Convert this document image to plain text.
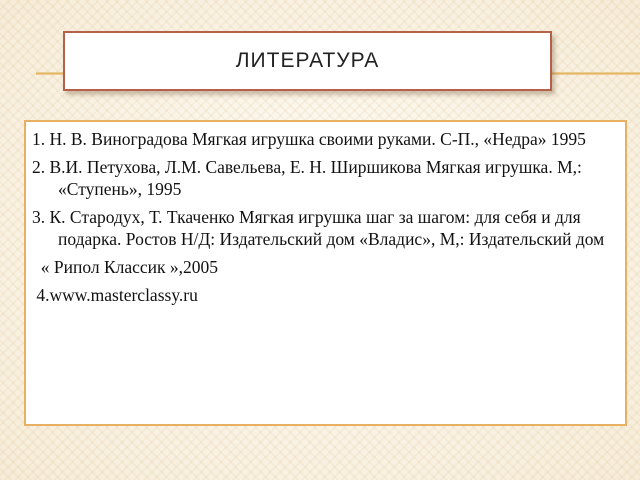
ЛИТЕРАТУРА
1. Н. В. Виноградова Мягкая игрушка своими руками. С-П., «Недра» 1995
2. В.И. Петухова, Л.М. Савельева, Е. Н. Ширшикова Мягкая игрушка. М,: «Ступень», 1995
3. К. Стародух, Т. Ткаченко Мягкая игрушка шаг за шагом: для себя и для подарка. Ростов Н/Д: Издательский дом «Владис», М,: Издательский дом
« Рипол Классик »,2005
4.www.masterclassy.ru
